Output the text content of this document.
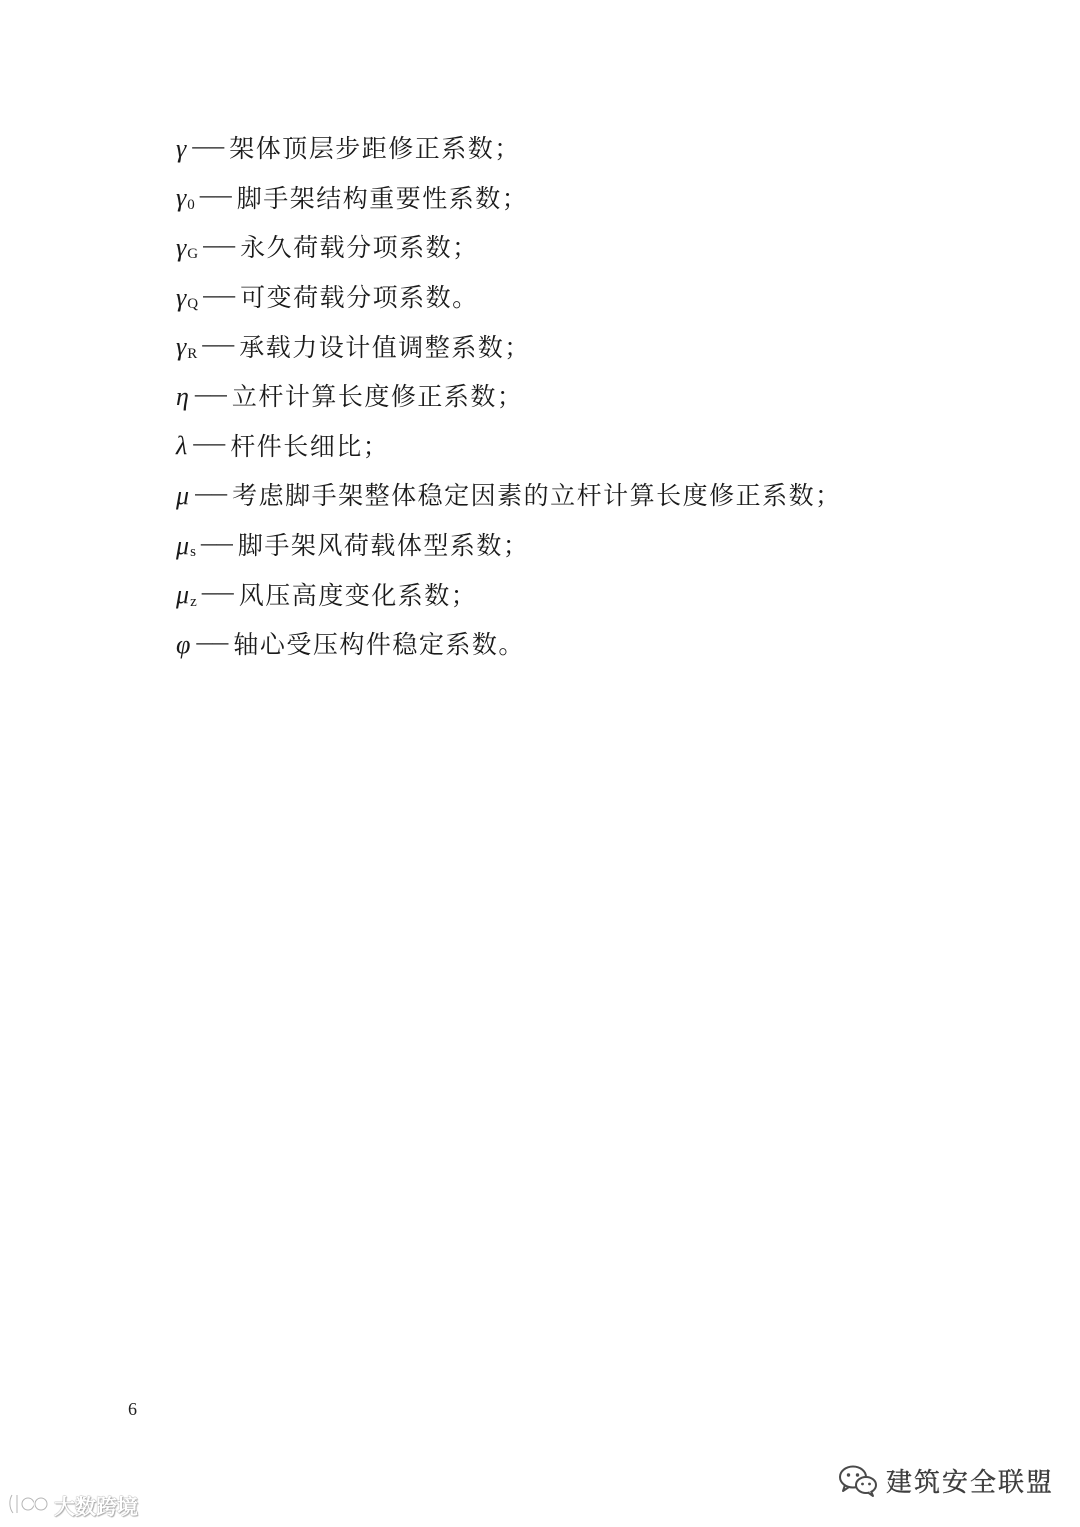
γ —— 架体顶层步距修正系数；
γ 0 —— 脚手架结构重要性系数；
γ G —— 永久荷载分项系数；
γ Q —— 可变荷载分项系数。
γ R —— 承载力设计值调整系数；
η —— 立杆计算长度修正系数；
λ —— 杆件长细比；
μ —— 考虑脚手架整体稳定因素的立杆计算长度修正系数；
μ s —— 脚手架风荷载体型系数；
μ z —— 风压高度变化系数；
φ —— 轴心受压构件稳定系数。
6
建筑安全联盟
大数跨境
